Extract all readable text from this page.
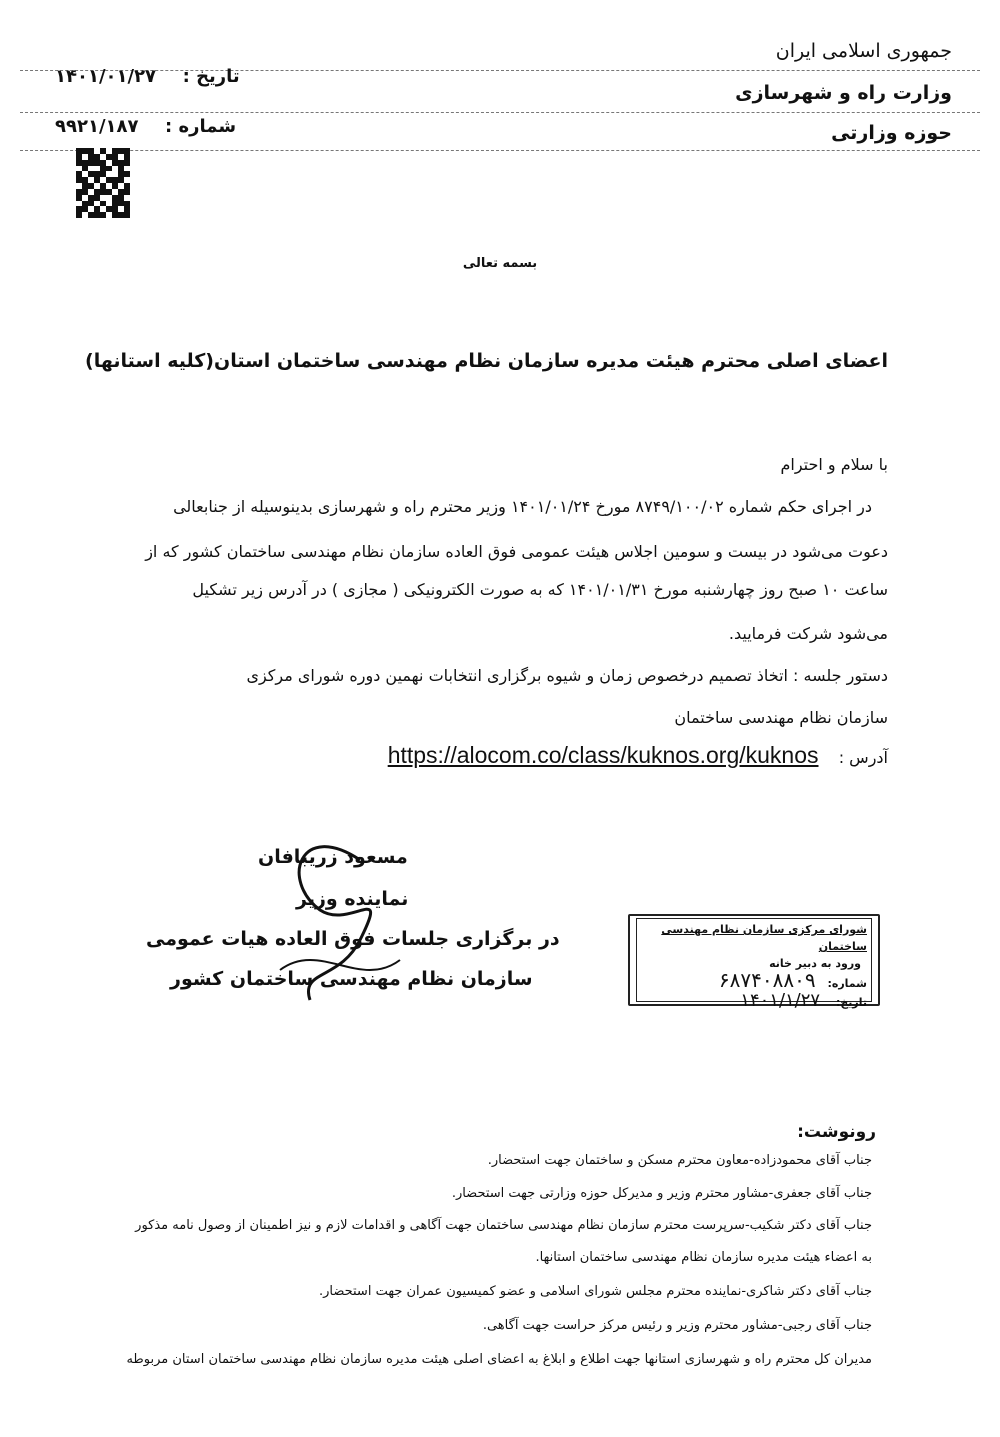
جمهوری اسلامی ایران
وزارت راه و شهرسازی
حوزه وزارتی
تاریخ :  ۱۴۰۱/۰۱/۲۷
شماره :  ۹۹۲۱/۱۸۷
بسمه تعالی
اعضای اصلی محترم هیئت مدیره سازمان نظام مهندسی ساختمان استان(کلیه استانها)
با سلام و احترام
در اجرای حکم شماره ۸۷۴۹/۱۰۰/۰۲ مورخ ۱۴۰۱/۰۱/۲۴ وزیر محترم راه و شهرسازی بدینوسیله از جنابعالی
دعوت می‌شود در بیست و سومین اجلاس هیئت عمومی فوق العاده سازمان نظام مهندسی ساختمان کشور که از
ساعت ۱۰ صبح روز چهارشنبه مورخ ۱۴۰۱/۰۱/۳۱ که به صورت الکترونیکی ( مجازی ) در آدرس زیر تشکیل
می‌شود شرکت فرمایید.
دستور جلسه : اتخاذ تصمیم درخصوص زمان و شیوه برگزاری انتخابات نهمین دوره شورای مرکزی
سازمان نظام مهندسی ساختمان
آدرس :  https://alocom.co/class/kuknos.org/kuknos
مسعود زریبافان
نماینده وزیر
در برگزاری جلسات فوق العاده هیات عمومی
سازمان نظام مهندسی ساختمان کشور
شورای مرکزی سازمان نظام مهندسی ساختمان
ورود به دبیر خانه
شماره: ۶۸۷۴۰۸۸۰۹
تاریخ: ۱۴۰۱/۱/۲۷
رونوشت:
جناب آقای محمودزاده-معاون محترم مسکن و ساختمان جهت استحضار.
جناب آقای جعفری-مشاور محترم وزیر و مدیرکل حوزه وزارتی جهت استحضار.
جناب آقای دکتر شکیب-سرپرست محترم سازمان نظام مهندسی ساختمان جهت آگاهی و اقدامات لازم و نیز اطمینان از وصول نامه مذکور
به اعضاء هیئت مدیره سازمان نظام مهندسی ساختمان استانها.
جناب آقای دکتر شاکری-نماینده محترم مجلس شورای اسلامی و عضو کمیسیون عمران جهت استحضار.
جناب آقای رجبی-مشاور محترم وزیر و رئیس مرکز حراست جهت آگاهی.
مدیران کل محترم راه و شهرسازی استانها جهت اطلاع و ابلاغ به اعضای اصلی هیئت مدیره سازمان نظام مهندسی ساختمان استان مربوطه
